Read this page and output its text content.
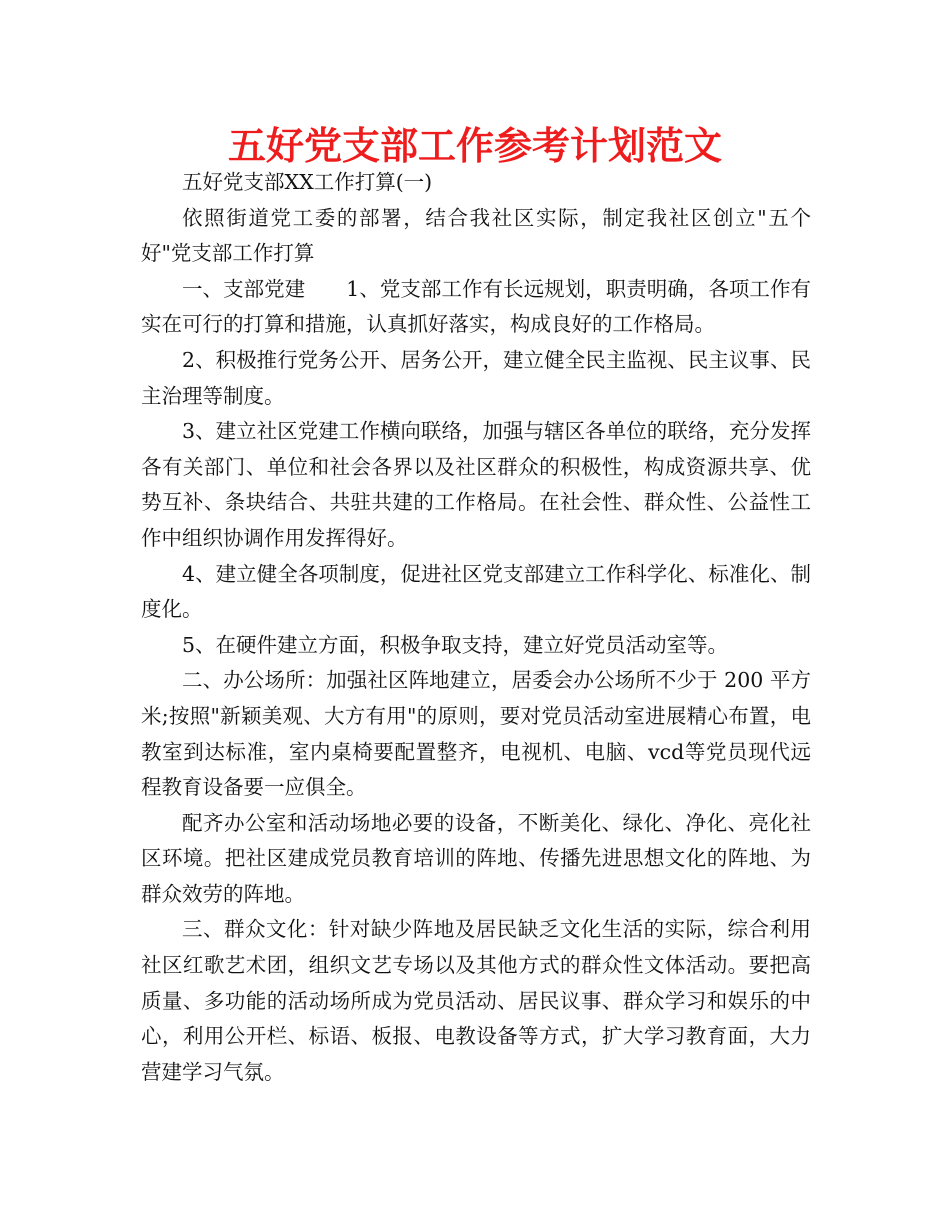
五好党支部工作参考计划范文

五好党支部XX工作打算(一)

依照街道党工委的部署，结合我社区实际，制定我社区创立"五个好"党支部工作打算

一、支部党建　　1、党支部工作有长远规划，职责明确，各项工作有实在可行的打算和措施，认真抓好落实，构成良好的工作格局。

2、积极推行党务公开、居务公开，建立健全民主监视、民主议事、民主治理等制度。

3、建立社区党建工作横向联络，加强与辖区各单位的联络，充分发挥各有关部门、单位和社会各界以及社区群众的积极性，构成资源共享、优势互补、条块结合、共驻共建的工作格局。在社会性、群众性、公益性工作中组织协调作用发挥得好。

4、建立健全各项制度，促进社区党支部建立工作科学化、标准化、制度化。

5、在硬件建立方面，积极争取支持，建立好党员活动室等。

二、办公场所：加强社区阵地建立，居委会办公场所不少于 200 平方米;按照"新颖美观、大方有用"的原则，要对党员活动室进展精心布置，电教室到达标准，室内桌椅要配置整齐，电视机、电脑、vcd等党员现代远程教育设备要一应俱全。

配齐办公室和活动场地必要的设备，不断美化、绿化、净化、亮化社区环境。把社区建成党员教育培训的阵地、传播先进思想文化的阵地、为群众效劳的阵地。

三、群众文化：针对缺少阵地及居民缺乏文化生活的实际，综合利用社区红歌艺术团，组织文艺专场以及其他方式的群众性文体活动。要把高质量、多功能的活动场所成为党员活动、居民议事、群众学习和娱乐的中心，利用公开栏、标语、板报、电教设备等方式，扩大学习教育面，大力营建学习气氛。
